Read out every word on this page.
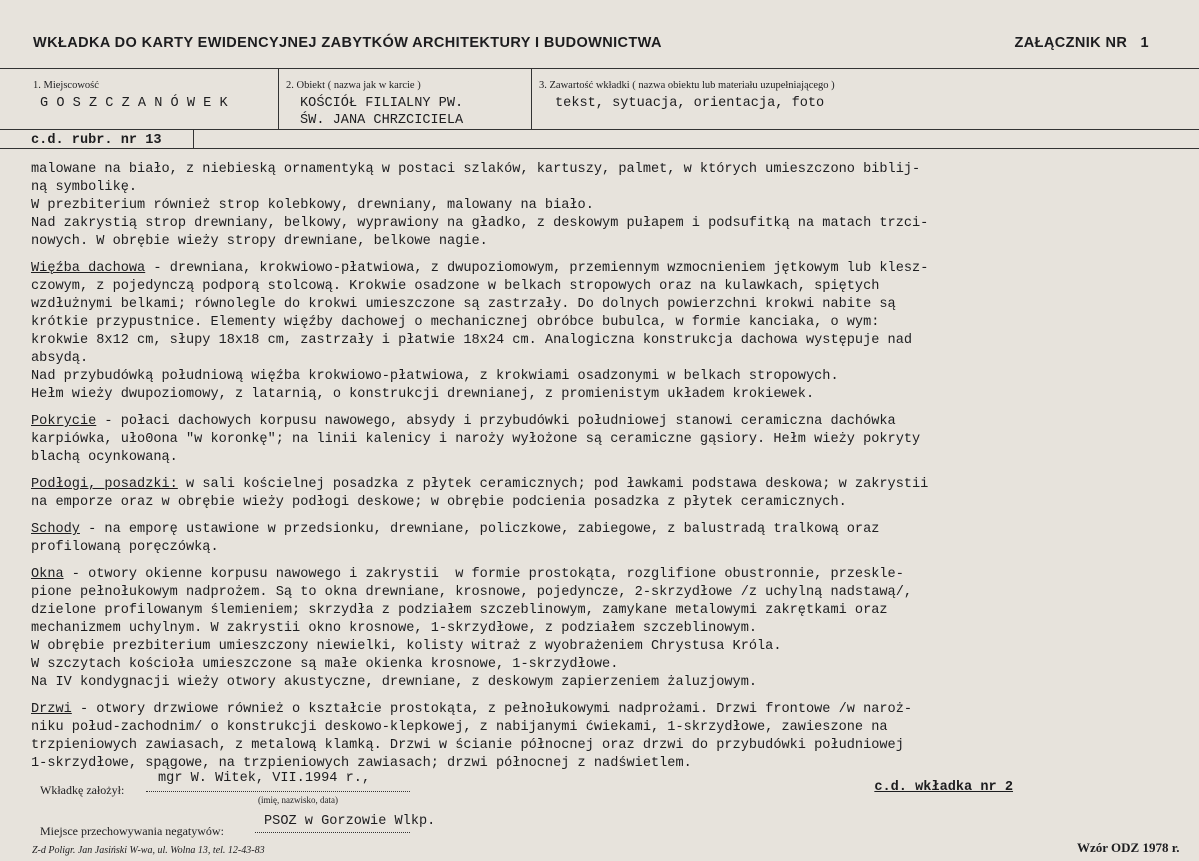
WKŁADKA DO KARTY EWIDENCYJNEJ ZABYTKÓW ARCHITEKTURY I BUDOWNICTWA	ZAŁĄCZNIK NR 1
1. Miejscowość
G O S Z C Z A N Ó W E K
2. Obiekt ( nazwa jak w karcie )
KOŚCIÓŁ FILIALNY PW.
ŚW. JANA CHRZCICIELA
3. Zawartość wkładki ( nazwa obiektu lub materiału uzupełniającego )
tekst, sytuacja, orientacja, foto
c.d. rubr. nr 13

malowane na biało, z niebieską ornamentyką w postaci szlaków, kartuszy, palmet, w których umieszczono biblij-

ną symbolikę.

W prezbiterium również strop kolebkowy, drewniany, malowany na biało.

Nad zakrystią strop drewniany, belkowy, wyprawiony na gładko, z deskowym pułapem i podsufitką na matach trzci-

nowych. W obrębie wieży stropy drewniane, belkowe nagie.

Więźba dachowa - drewniana, krokwiowo-płatwiowa, z dwupoziomowym, przemiennym wzmocnieniem jętkowym lub klesz-

czowym, z pojedynczą podporą stolcową. Krokwie osadzone w belkach stropowych oraz na kulawkach, spiętych

wzdłużnymi belkami; równolegle do krokwi umieszczone są zastrzały. Do dolnych powierzchni krokwi nabite są

krótkie przypustnice. Elementy więźby dachowej o mechanicznej obróbce bubulca, w formie kanciaka, o wym:

krokwie 8x12 cm, słupy 18x18 cm, zastrzały i płatwie 18x24 cm. Analogiczna konstrukcja dachowa występuje nad

absydą.

Nad przybudówką południową więźba krokwiowo-płatwiowa, z krokwiami osadzonymi w belkach stropowych.

Hełm wieży dwupoziomowy, z latarnią, o konstrukcji drewnianej, z promienistym układem krokiewek.

Pokrycie - połaci dachowych korpusu nawowego, absydy i przybudówki południowej stanowi ceramiczna dachówka

karpiówka, uło0ona "w koronkę"; na linii kalenicy i naroży wyłożone są ceramiczne gąsiory. Hełm wieży pokryty

blachą ocynkowaną.

Podłogi, posadzki: w sali kościelnej posadzka z płytek ceramicznych; pod ławkami podstawa deskowa; w zakrystii

na emporze oraz w obrębie wieży podłogi deskowe; w obrębie podcienia posadzka z płytek ceramicznych.

Schody - na emporę ustawione w przedsionku, drewniane, policzkowe, zabiegowe, z balustradą tralkową oraz

profilowaną poręczówką.

Okna - otwory okienne korpusu nawowego i zakrystii  w formie prostokąta, rozglifione obustronnie, przeskle-

pione pełnołukowym nadprożem. Są to okna drewniane, krosnowe, pojedyncze, 2-skrzydłowe /z uchylną nadstawą/,

dzielone profilowanym ślemieniem; skrzydła z podziałem szczeblinowym, zamykane metalowymi zakrętkami oraz

mechanizmem uchylnym. W zakrystii okno krosnowe, 1-skrzydłowe, z podziałem szczeblinowym.

W obrębie prezbiterium umieszczony niewielki, kolisty witraż z wyobrażeniem Chrystusa Króla.

W szczytach kościoła umieszczone są małe okienka krosnowe, 1-skrzydłowe.

Na IV kondygnacji wieży otwory akustyczne, drewniane, z deskowym zapierzeniem żaluzjowym.

Drzwi - otwory drzwiowe również o kształcie prostokąta, z pełnołukowymi nadprożami. Drzwi frontowe /w naroż-

niku połud-zachodnim/ o konstrukcji deskowo-klepkowej, z nabijanymi ćwiekami, 1-skrzydłowe, zawieszone na

trzpieniowych zawiasach, z metalową klamką. Drzwi w ścianie północnej oraz drzwi do przybudówki południowej

1-skrzydłowe, spągowe, na trzpieniowych zawiasach; drzwi północnej z nadświetlem.

c.d. wkładka nr 2

Wkładkę założył:
mgr W. Witek, VII.1994 r.,
(imię, nazwisko, data)
Miejsce przechowywania negatywów:
PSOZ w Gorzowie Wlkp.
Z-d Poligr. Jan Jasiński W-wa, ul. Wolna 13, tel. 12-43-83	Wzór ODZ 1978 r.
